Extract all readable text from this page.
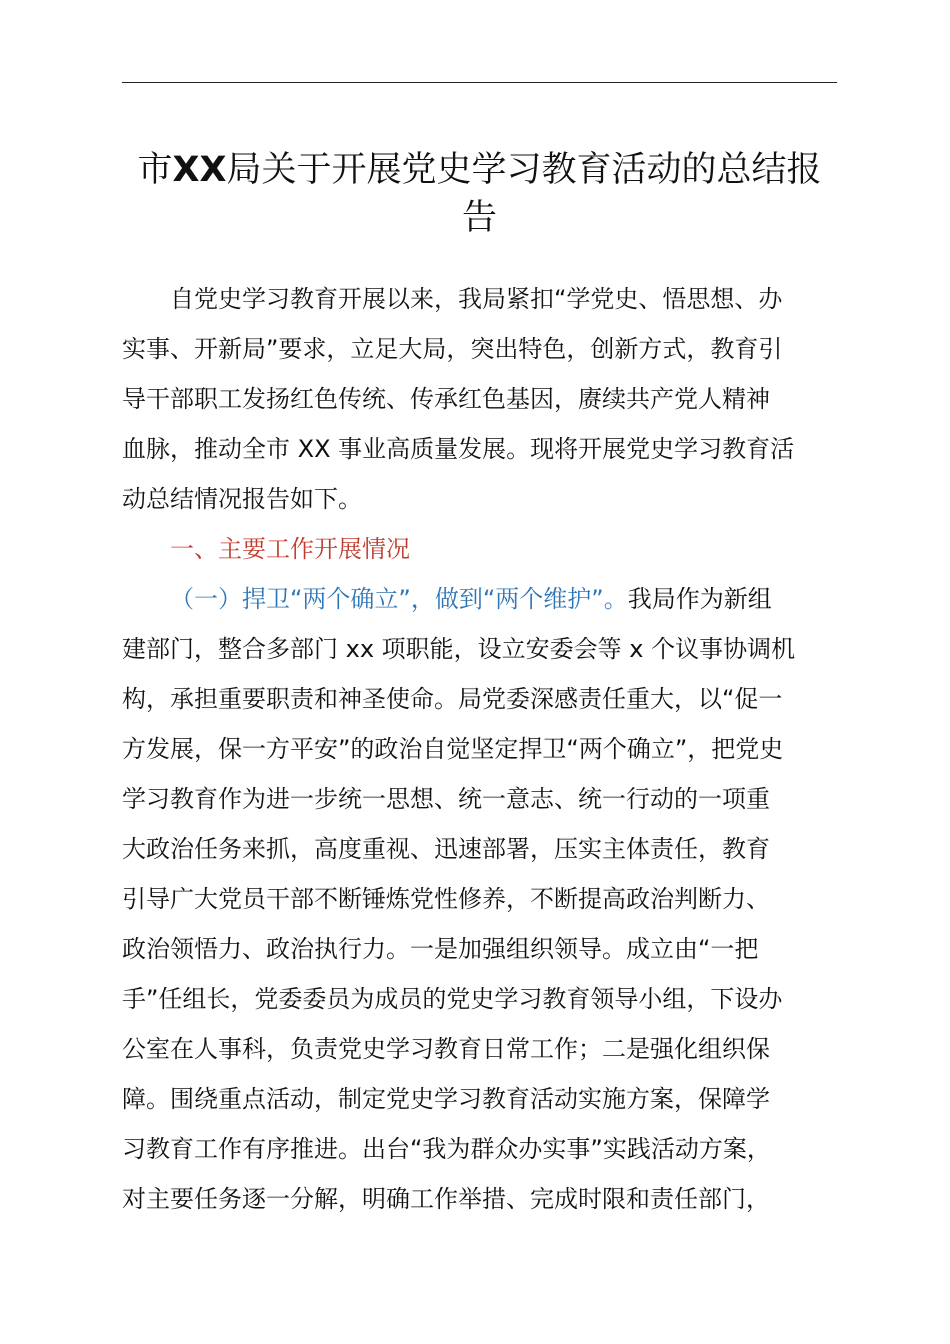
市XX局关于开展党史学习教育活动的总结报
告
自党史学习教育开展以来，我局紧扣“学党史、悟思想、办
实事、开新局”要求，立足大局，突出特色，创新方式，教育引
导干部职工发扬红色传统、传承红色基因，赓续共产党人精神
血脉，推动全市 XX 事业高质量发展。现将开展党史学习教育活
动总结情况报告如下。
一、主要工作开展情况
（一）捍卫“两个确立”，做到“两个维护”。我局作为新组
建部门，整合多部门 xx 项职能，设立安委会等 x 个议事协调机
构，承担重要职责和神圣使命。局党委深感责任重大，以“促一
方发展，保一方平安”的政治自觉坚定捍卫“两个确立”，把党史
学习教育作为进一步统一思想、统一意志、统一行动的一项重
大政治任务来抓，高度重视、迅速部署，压实主体责任，教育
引导广大党员干部不断锤炼党性修养，不断提高政治判断力、
政治领悟力、政治执行力。一是加强组织领导。成立由“一把
手”任组长，党委委员为成员的党史学习教育领导小组，下设办
公室在人事科，负责党史学习教育日常工作；二是强化组织保
障。围绕重点活动，制定党史学习教育活动实施方案，保障学
习教育工作有序推进。出台“我为群众办实事”实践活动方案，
对主要任务逐一分解，明确工作举措、完成时限和责任部门，
